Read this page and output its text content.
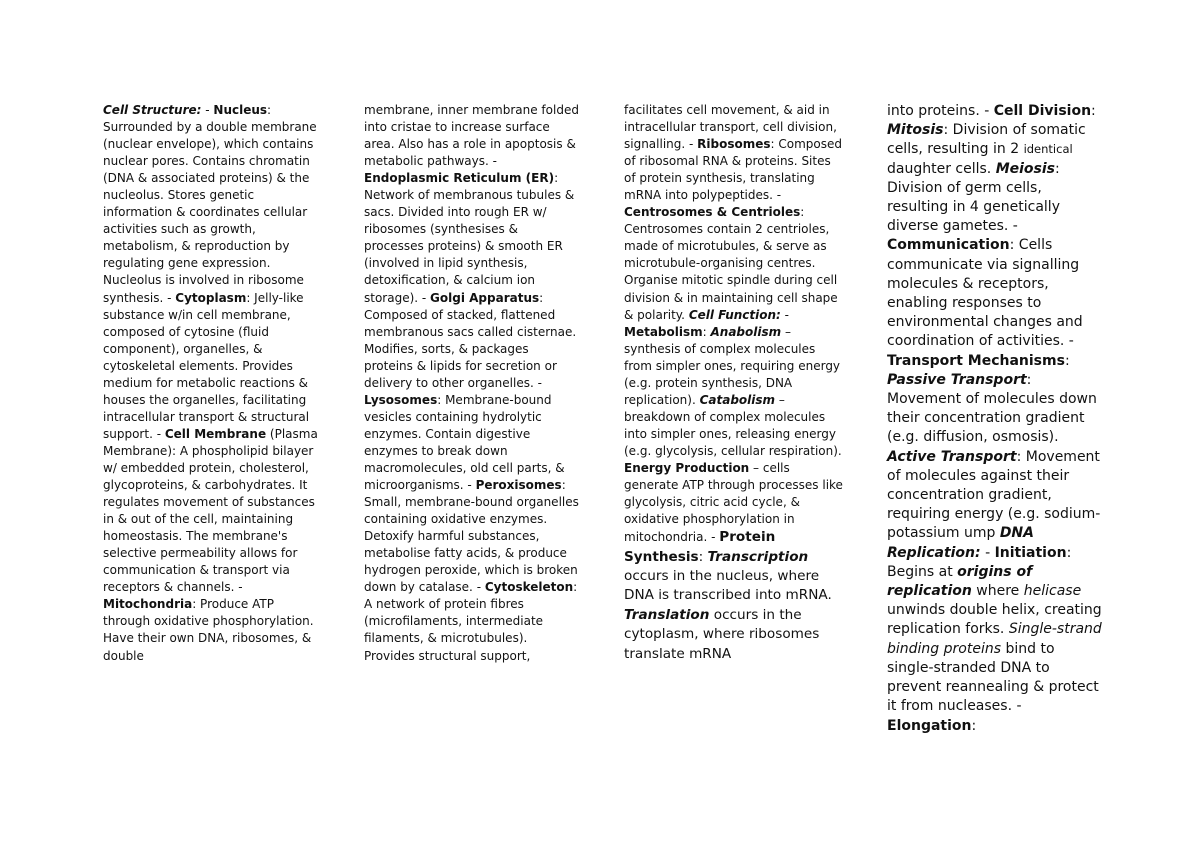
Cell Structure: - Nucleus: Surrounded by a double membrane (nuclear envelope), which contains nuclear pores. Contains chromatin (DNA & associated proteins) & the nucleolus. Stores genetic information & coordinates cellular activities such as growth, metabolism, & reproduction by regulating gene expression. Nucleolus is involved in ribosome synthesis. - Cytoplasm: Jelly-like substance w/in cell membrane, composed of cytosine (fluid component), organelles, & cytoskeletal elements. Provides medium for metabolic reactions & houses the organelles, facilitating intracellular transport & structural support. - Cell Membrane (Plasma Membrane): A phospholipid bilayer w/ embedded protein, cholesterol, glycoproteins, & carbohydrates. It regulates movement of substances in & out of the cell, maintaining homeostasis. The membrane's selective permeability allows for communication & transport via receptors & channels. - Mitochondria: Produce ATP through oxidative phosphorylation. Have their own DNA, ribosomes, & double

membrane, inner membrane folded into cristae to increase surface area. Also has a role in apoptosis & metabolic pathways. - Endoplasmic Reticulum (ER): Network of membranous tubules & sacs. Divided into rough ER w/ ribosomes (synthesises & processes proteins) & smooth ER (involved in lipid synthesis, detoxification, & calcium ion storage). - Golgi Apparatus: Composed of stacked, flattened membranous sacs called cisternae. Modifies, sorts, & packages proteins & lipids for secretion or delivery to other organelles. - Lysosomes: Membrane-bound vesicles containing hydrolytic enzymes. Contain digestive enzymes to break down macromolecules, old cell parts, & microorganisms. - Peroxisomes: Small, membrane-bound organelles containing oxidative enzymes. Detoxify harmful substances, metabolise fatty acids, & produce hydrogen peroxide, which is broken down by catalase. - Cytoskeleton: A network of protein fibres (microfilaments, intermediate filaments, & microtubules). Provides structural support,

facilitates cell movement, & aid in intracellular transport, cell division, signalling. - Ribosomes: Composed of ribosomal RNA & proteins. Sites of protein synthesis, translating mRNA into polypeptides. - Centrosomes & Centrioles: Centrosomes contain 2 centrioles, made of microtubules, & serve as microtubule-organising centres. Organise mitotic spindle during cell division & in maintaining cell shape & polarity. Cell Function: - Metabolism: Anabolism – synthesis of complex molecules from simpler ones, requiring energy (e.g. protein synthesis, DNA replication). Catabolism – breakdown of complex molecules into simpler ones, releasing energy (e.g. glycolysis, cellular respiration). Energy Production – cells generate ATP through processes like glycolysis, citric acid cycle, & oxidative phosphorylation in mitochondria. - Protein Synthesis: Transcription occurs in the nucleus, where DNA is transcribed into mRNA. Translation occurs in the cytoplasm, where ribosomes translate mRNA

into proteins. - Cell Division: Mitosis: Division of somatic cells, resulting in 2 identical daughter cells. Meiosis: Division of germ cells, resulting in 4 genetically diverse gametes. - Communication: Cells communicate via signalling molecules & receptors, enabling responses to environmental changes and coordination of activities. - Transport Mechanisms: Passive Transport: Movement of molecules down their concentration gradient (e.g. diffusion, osmosis). Active Transport: Movement of molecules against their concentration gradient, requiring energy (e.g. sodium-potassium ump DNA Replication: - Initiation: Begins at origins of replication where helicase unwinds double helix, creating replication forks. Single-strand binding proteins bind to single-stranded DNA to prevent reannealing & protect it from nucleases. - Elongation:
